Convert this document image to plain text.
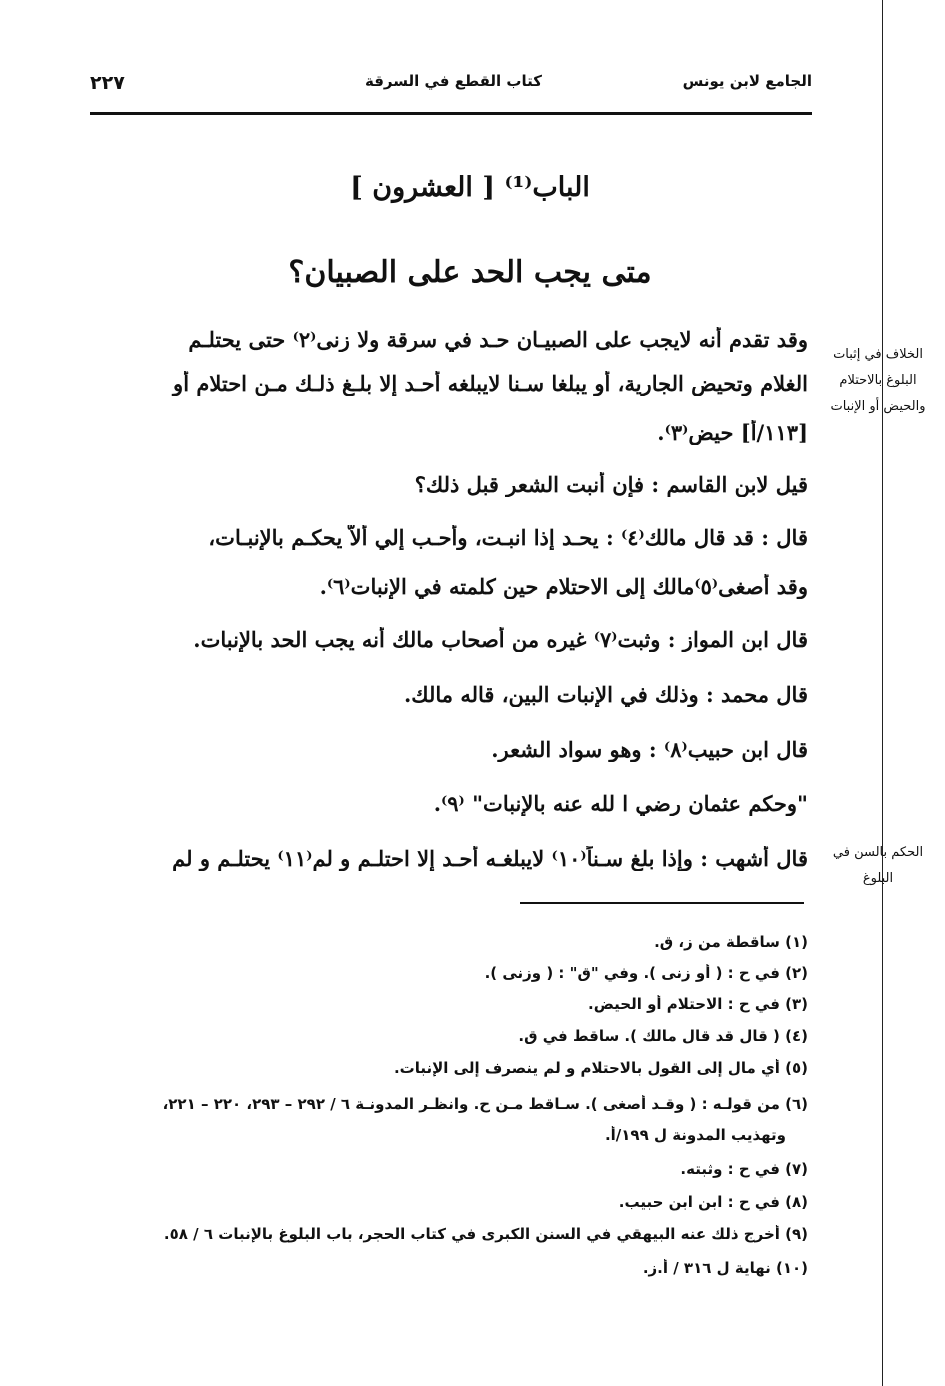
الجامع لابن يونس
كتاب القطع في السرقة
٢٢٧
الباب⁽¹⁾ [ العشرون ]
متى يجب الحد على الصبيان؟
وقد تقدم أنه لايجب على الصبيـان حـد في سرقة ولا زنى⁽٢⁾ حتى يحتلـم
الغلام وتحيض الجارية، أو يبلغا سـنا لايبلغه أحـد إلا بلـغ ذلـك مـن احتلام أو
[١١٣/أ] حيض⁽٣⁾.
قيل لابن القاسم : فإن أنبت الشعر قبل ذلك؟
قال : قد قال مالك⁽٤⁾ : يحـد إذا انبـت، وأحـب إلي ألاّ يحكـم بالإنبـات،
وقد أصغى⁽٥⁾مالك إلى الاحتلام حين كلمته في الإنبات⁽٦⁾.
قال ابن المواز : وثبت⁽٧⁾ غيره من أصحاب مالك أنه يجب الحد بالإنبات.
قال محمد : وذلك في الإنبات البين، قاله مالك.
قال ابن حبيب⁽٨⁾ : وهو سواد الشعر.
"وحكم عثمان رضي ا لله عنه بالإنبات" ⁽٩⁾.
قال أشهب : وإذا بلغ سـناً⁽١٠⁾ لايبلغـه أحـد إلا احتلـم و لم⁽١١⁾ يحتلـم و لم
الخلاف في إثبات
البلوغ بالاحتلام
والحيض أو الإنبات
الحكم بالسن في
البلوغ
(١) ساقطة من ز، ق.
(٢) في ح : ( أو زنى ). وفي "ق" : ( وزنى ).
(٣) في ح : الاحتلام أو الحيض.
(٤) ( قال قد قال مالك ). ساقط في ق.
(٥) أي مال إلى القول بالاحتلام و لم ينصرف إلى الإنبات.
(٦) من قولـه : ( وقـد أصغى ). سـاقط مـن ح. وانظـر المدونـة ٦ / ٢٩٢ – ٢٩٣، ٢٢٠ – ٢٢١،
وتهذيب المدونة ل ١٩٩/أ.
(٧) في ح : وثبته.
(٨) في ح : ابن ابن حبيب.
(٩) أخرج ذلك عنه البيهقي في السنن الكبرى في كتاب الحجر، باب البلوغ بالإنبات ٦ / ٥٨.
(١٠) نهاية ل ٣١٦ / أ.ز.
